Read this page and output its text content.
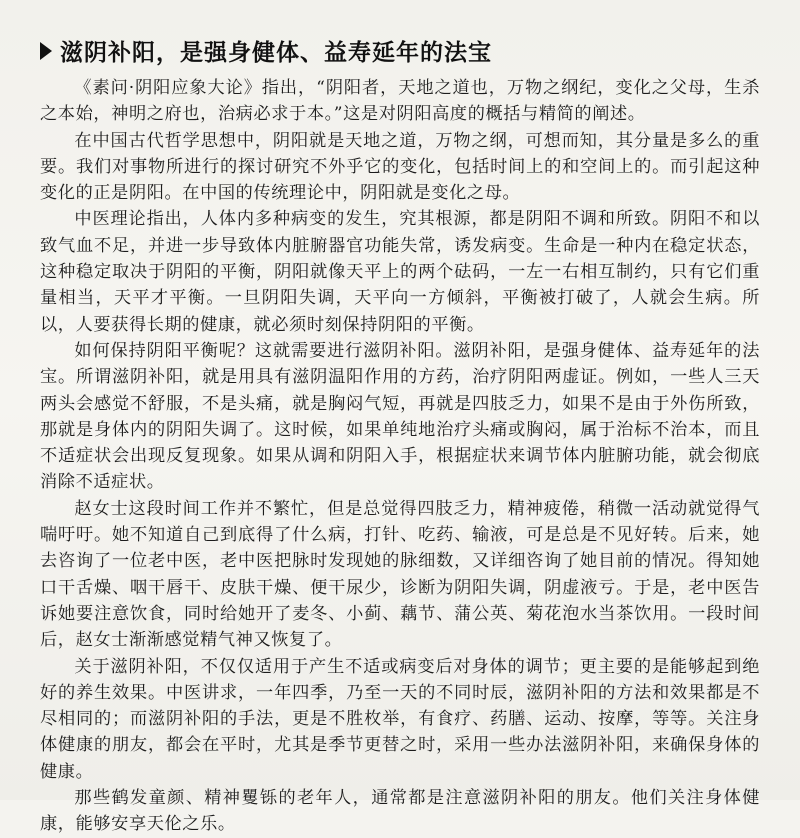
滋阴补阳，是强身健体、益寿延年的法宝

《素问·阴阳应象大论》指出，“阴阳者，天地之道也，万物之纲纪，变化之父母，生杀之本始，神明之府也，治病必求于本。”这是对阴阳高度的概括与精简的阐述。

在中国古代哲学思想中，阴阳就是天地之道，万物之纲，可想而知，其分量是多么的重要。我们对事物所进行的探讨研究不外乎它的变化，包括时间上的和空间上的。而引起这种变化的正是阴阳。在中国的传统理论中，阴阳就是变化之母。

中医理论指出，人体内多种病变的发生，究其根源，都是阴阳不调和所致。阴阳不和以致气血不足，并进一步导致体内脏腑器官功能失常，诱发病变。生命是一种内在稳定状态，这种稳定取决于阴阳的平衡，阴阳就像天平上的两个砝码，一左一右相互制约，只有它们重量相当，天平才平衡。一旦阴阳失调，天平向一方倾斜，平衡被打破了，人就会生病。所以，人要获得长期的健康，就必须时刻保持阴阳的平衡。

如何保持阴阳平衡呢？这就需要进行滋阴补阳。滋阴补阳，是强身健体、益寿延年的法宝。所谓滋阴补阳，就是用具有滋阴温阳作用的方药，治疗阴阳两虚证。例如，一些人三天两头会感觉不舒服，不是头痛，就是胸闷气短，再就是四肢乏力，如果不是由于外伤所致，那就是身体内的阴阳失调了。这时候，如果单纯地治疗头痛或胸闷，属于治标不治本，而且不适症状会出现反复现象。如果从调和阴阳入手，根据症状来调节体内脏腑功能，就会彻底消除不适症状。

赵女士这段时间工作并不繁忙，但是总觉得四肢乏力，精神疲倦，稍微一活动就觉得气喘吁吁。她不知道自己到底得了什么病，打针、吃药、输液，可是总是不见好转。后来，她去咨询了一位老中医，老中医把脉时发现她的脉细数，又详细咨询了她目前的情况。得知她口干舌燥、咽干唇干、皮肤干燥、便干尿少，诊断为阴阳失调，阴虚液亏。于是，老中医告诉她要注意饮食，同时给她开了麦冬、小蓟、藕节、蒲公英、菊花泡水当茶饮用。一段时间后，赵女士渐渐感觉精气神又恢复了。

关于滋阴补阳，不仅仅适用于产生不适或病变后对身体的调节；更主要的是能够起到绝好的养生效果。中医讲求，一年四季，乃至一天的不同时辰，滋阴补阳的方法和效果都是不尽相同的；而滋阴补阳的手法，更是不胜枚举，有食疗、药膳、运动、按摩，等等。关注身体健康的朋友，都会在平时，尤其是季节更替之时，采用一些办法滋阴补阳，来确保身体的健康。

那些鹤发童颜、精神矍铄的老年人，通常都是注意滋阴补阳的朋友。他们关注身体健康，能够安享天伦之乐。
